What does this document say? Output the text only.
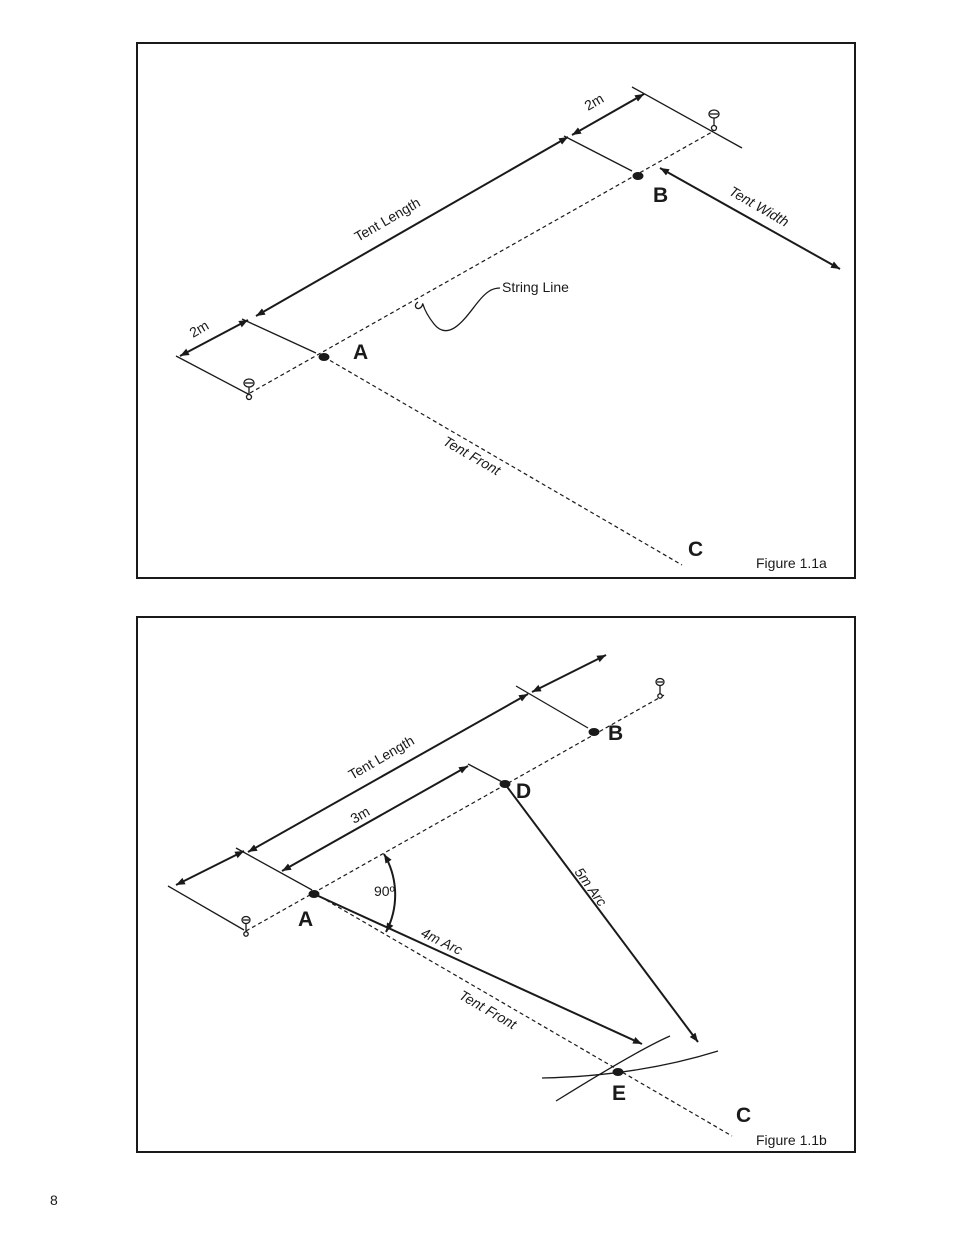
A
B
C
Tent Length
2m
2m
Tent Width
Tent Front
String Line
Figure 1.1a
A
B
D
E
C
Tent Length
3m
90º
4m Arc
5m Arc
Tent Front
Figure 1.1b
8
